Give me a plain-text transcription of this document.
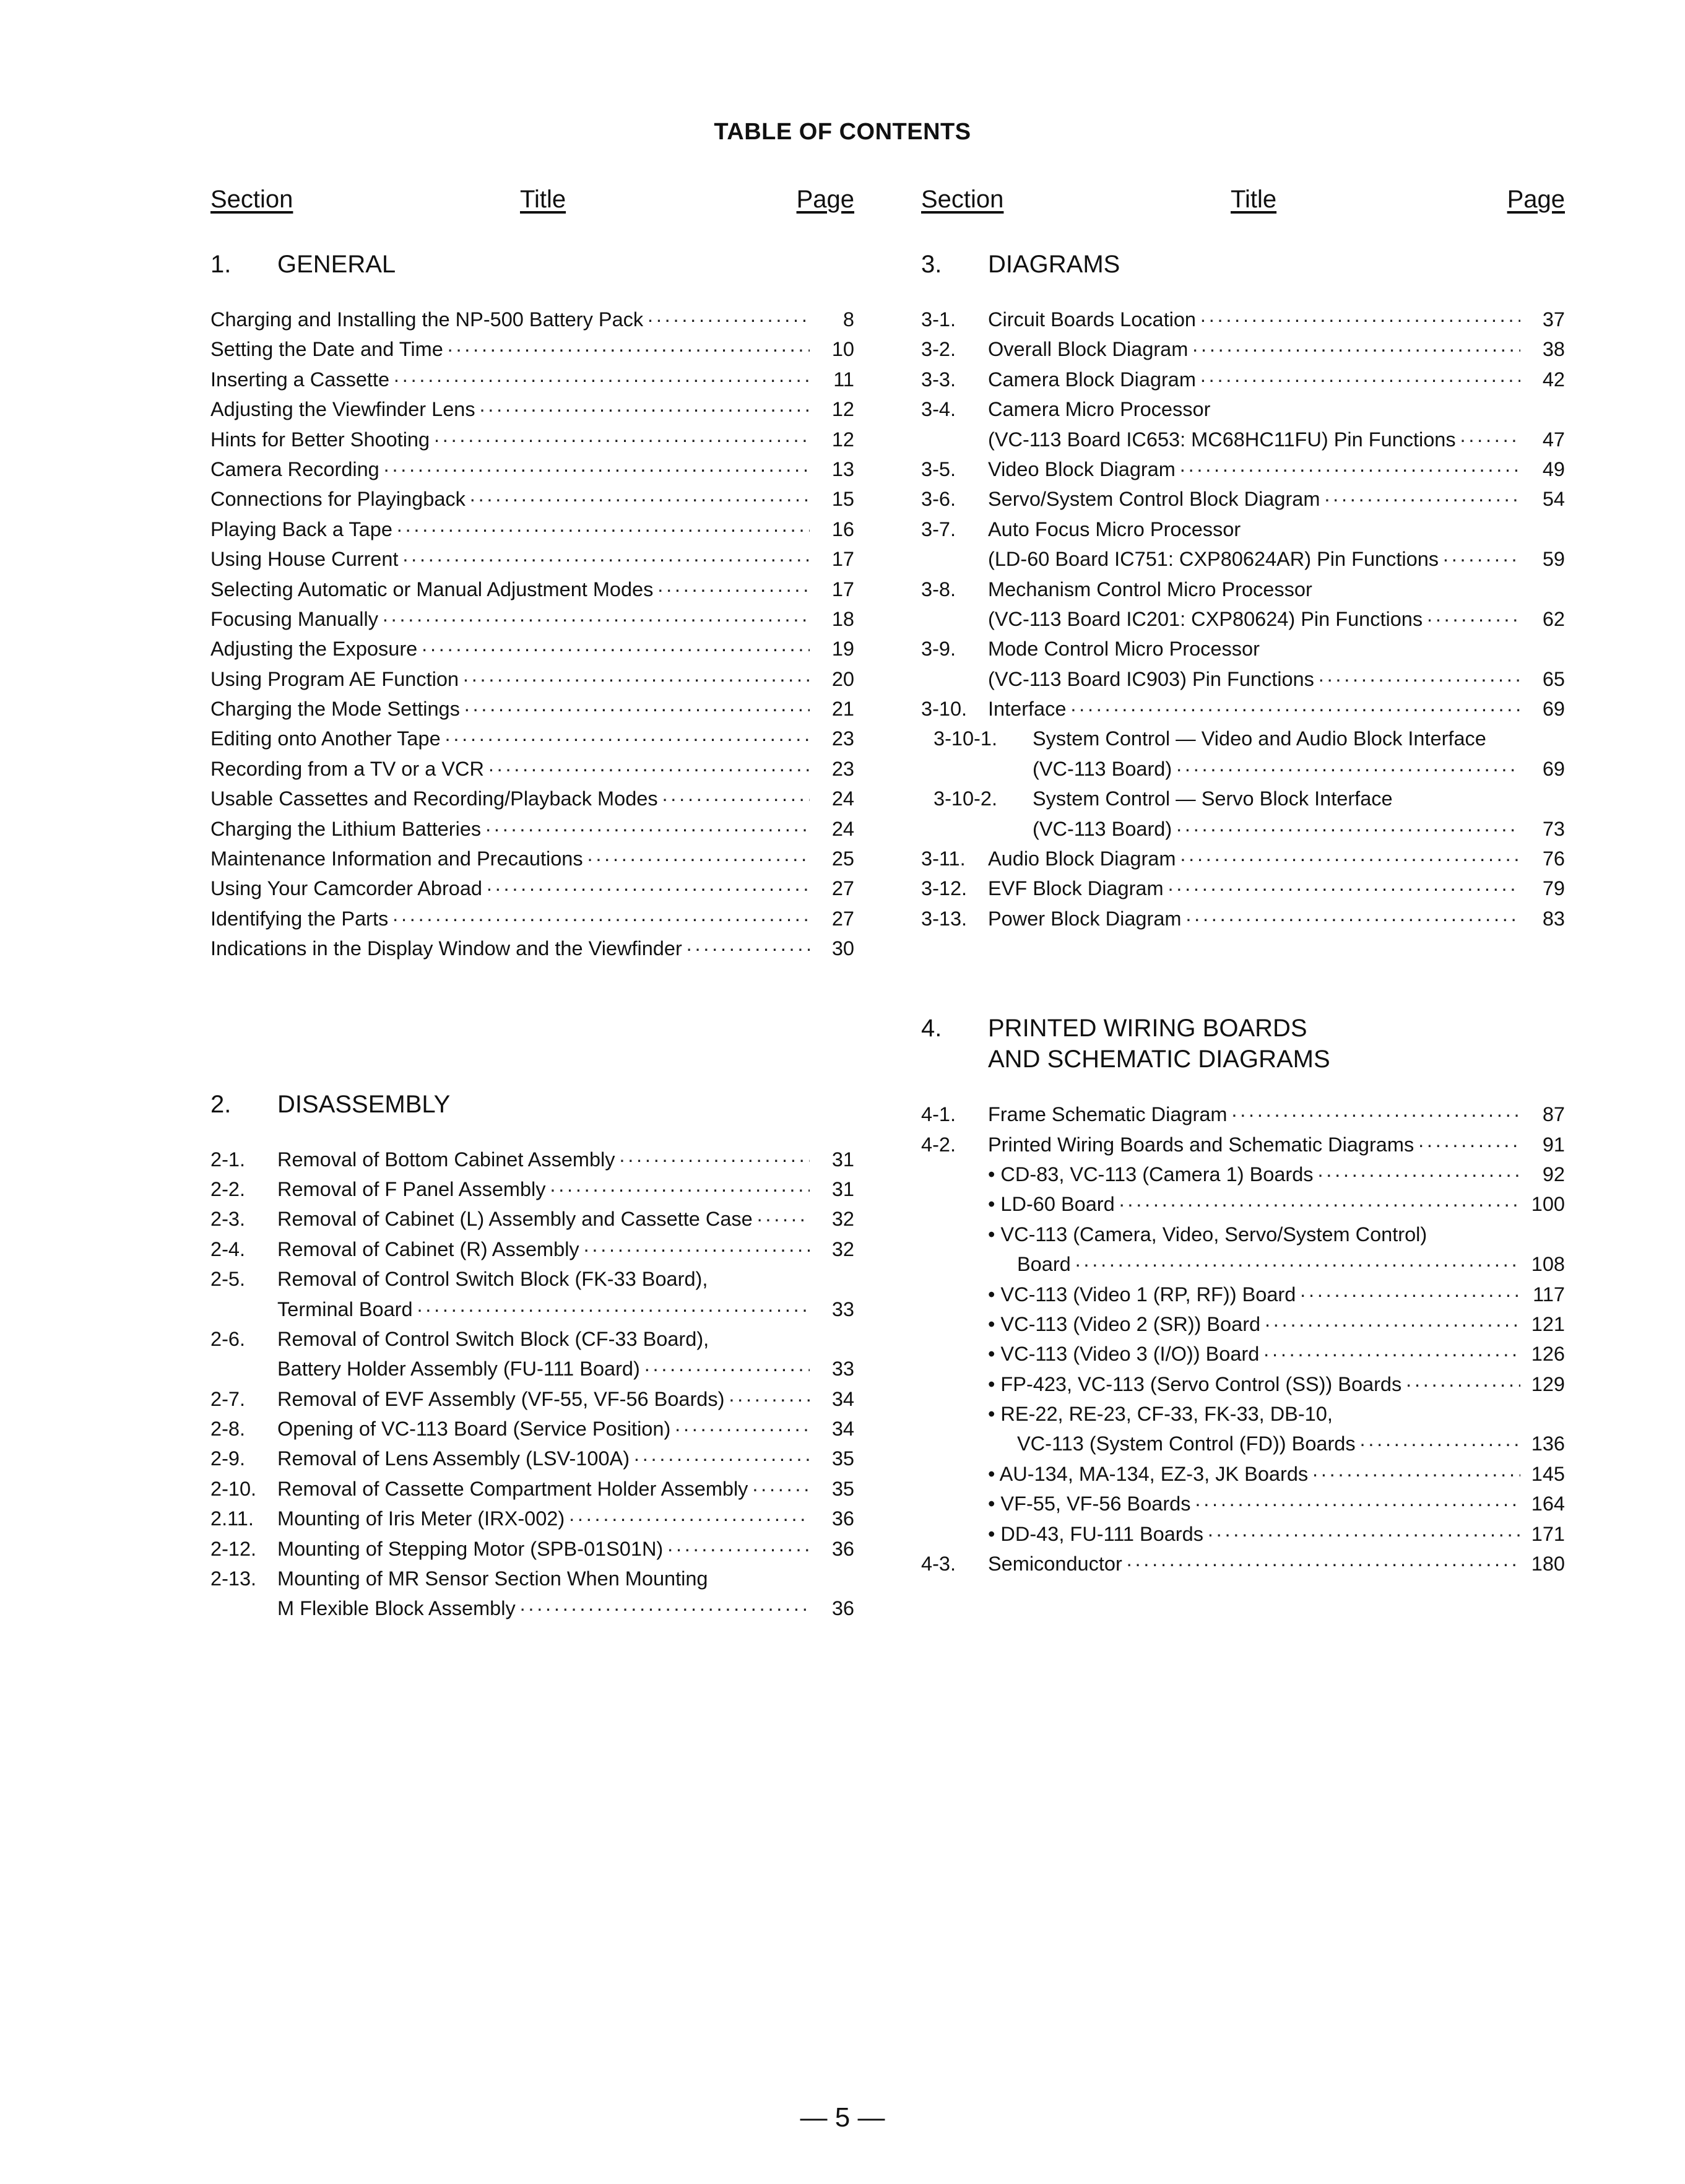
TABLE OF CONTENTS
Section	Title	Page
1. GENERAL
Charging and Installing the NP-500 Battery Pack ·····	8
Setting the Date and Time ·····	10
Inserting a Cassette ·····	11
Adjusting the Viewfinder Lens ·····	12
Hints for Better Shooting ·····	12
Camera Recording ·····	13
Connections for Playingback ·····	15
Playing Back a Tape ·····	16
Using House Current ·····	17
Selecting Automatic or Manual Adjustment Modes ·····	17
Focusing Manually ·····	18
Adjusting the Exposure ·····	19
Using Program AE Function ·····	20
Charging the Mode Settings ·····	21
Editing onto Another Tape ·····	23
Recording from a TV or a VCR ·····	23
Usable Cassettes and Recording/Playback Modes ·····	24
Charging the Lithium Batteries ·····	24
Maintenance Information and Precautions ·····	25
Using Your Camcorder Abroad ·····	27
Identifying the Parts ·····	27
Indications in the Display Window and the Viewfinder ·····	30
2. DISASSEMBLY
2-1.	Removal of Bottom Cabinet Assembly ·····	31
2-2.	Removal of F Panel Assembly ·····	31
2-3.	Removal of Cabinet (L) Assembly and Cassette Case ·····	32
2-4.	Removal of Cabinet (R) Assembly ·····	32
2-5.	Removal of Control Switch Block (FK-33 Board),
Terminal Board ·····	33
2-6.	Removal of Control Switch Block (CF-33 Board),
Battery Holder Assembly (FU-111 Board) ·····	33
2-7.	Removal of EVF Assembly (VF-55, VF-56 Boards) ·····	34
2-8.	Opening of VC-113 Board (Service Position) ·····	34
2-9.	Removal of Lens Assembly (LSV-100A) ·····	35
2-10.	Removal of Cassette Compartment Holder Assembly ·····	35
2.11.	Mounting of Iris Meter (IRX-002) ·····	36
2-12.	Mounting of Stepping Motor (SPB-01S01N) ·····	36
2-13.	Mounting of MR Sensor Section When Mounting
M Flexible Block Assembly ·····	36
Section	Title	Page
3. DIAGRAMS
3-1.	Circuit Boards Location ·····	37
3-2.	Overall Block Diagram ·····	38
3-3.	Camera Block Diagram ·····	42
3-4.	Camera Micro Processor
(VC-113 Board IC653: MC68HC11FU) Pin Functions ·····	47
3-5.	Video Block Diagram ·····	49
3-6.	Servo/System Control Block Diagram ·····	54
3-7.	Auto Focus Micro Processor
(LD-60 Board IC751: CXP80624AR) Pin Functions ·····	59
3-8.	Mechanism Control Micro Processor
(VC-113 Board IC201: CXP80624) Pin Functions ·····	62
3-9.	Mode Control Micro Processor
(VC-113 Board IC903) Pin Functions ·····	65
3-10.	Interface ·····	69
3-10-1.	System Control — Video and Audio Block Interface
(VC-113 Board) ·····	69
3-10-2.	System Control — Servo Block Interface
(VC-113 Board) ·····	73
3-11.	Audio Block Diagram ·····	76
3-12.	EVF Block Diagram ·····	79
3-13.	Power Block Diagram ·····	83
4. PRINTED WIRING BOARDS
AND SCHEMATIC DIAGRAMS
4-1.	Frame Schematic Diagram ·····	87
4-2.	Printed Wiring Boards and Schematic Diagrams ·····	91
• CD-83, VC-113 (Camera 1) Boards ·····	92
• LD-60 Board ·····	100
• VC-113 (Camera, Video, Servo/System Control)
Board ·····	108
• VC-113 (Video 1 (RP, RF)) Board ·····	117
• VC-113 (Video 2 (SR)) Board ·····	121
• VC-113 (Video 3 (I/O)) Board ·····	126
• FP-423, VC-113 (Servo Control (SS)) Boards ·····	129
• RE-22, RE-23, CF-33, FK-33, DB-10,
VC-113 (System Control (FD)) Boards ·····	136
• AU-134, MA-134, EZ-3, JK Boards ·····	145
• VF-55, VF-56 Boards ·····	164
• DD-43, FU-111 Boards ·····	171
4-3.	Semiconductor ·····	180
— 5 —
